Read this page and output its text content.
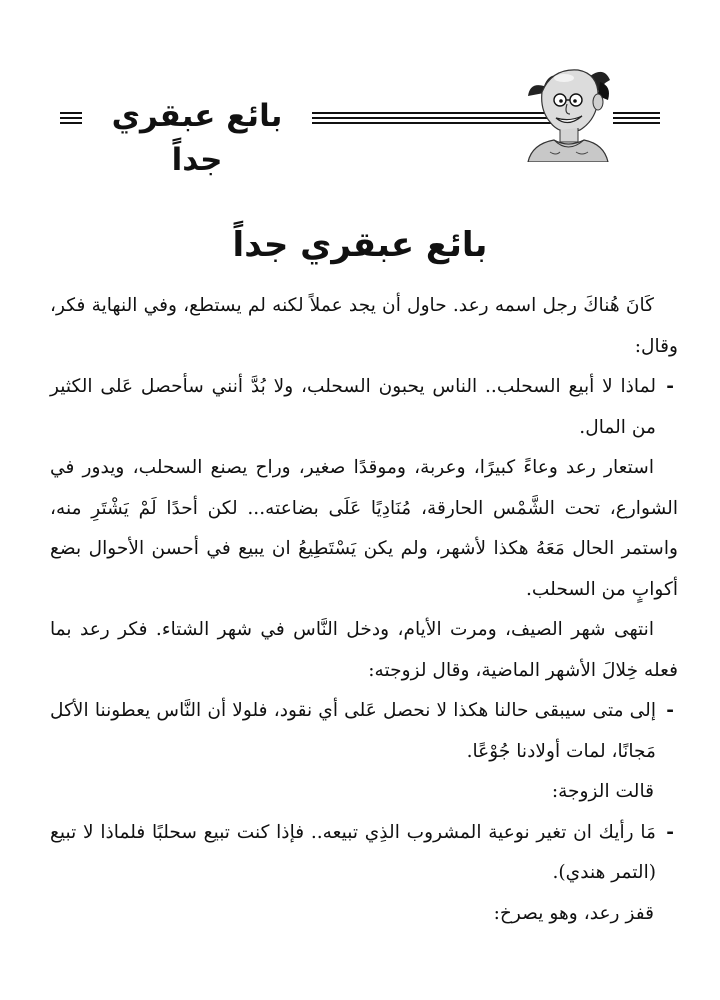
بائع عبقري جداً
بائع عبقري جداً

كَانَ هُناكَ رجل اسمه رعد. حاول أن يجد عملاً لكنه لم يستطع، وفي النهاية فكر، وقال:

-
لماذا لا أبيع السحلب.. الناس يحبون السحلب، ولا بُدَّ أنني سأحصل عَلى الكثير من المال.

استعار رعد وعاءً كبيرًا، وعربة، وموقدًا صغير، وراح يصنع السحلب، ويدور في الشوارع، تحت الشَّمْس الحارقة، مُنَادِيًا عَلَى بضاعته... لكن أحدًا لَمْ يَشْتَرِ منه، واستمر الحال مَعَهُ هكذا لأشهر، ولم يكن يَسْتَطِيعُ ان يبيع في أحسن الأحوال بضع أكوابٍ من السحلب.

انتهى شهر الصيف، ومرت الأيام، ودخل النَّاس في شهر الشتاء. فكر رعد بما فعله خِلالَ الأشهر الماضية، وقال لزوجته:

-
إلى متى سيبقى حالنا هكذا لا نحصل عَلى أي نقود، فلولا أن النَّاس يعطوننا الأكل مَجانًا، لمات أولادنا جُوْعًا.

قالت الزوجة:

-
مَا رأيك ان تغير نوعية المشروب الذِي تبيعه.. فإذا كنت تبيع سحلبًا فلماذا لا تبيع (التمر هندي).

قفز رعد، وهو يصرخ:
